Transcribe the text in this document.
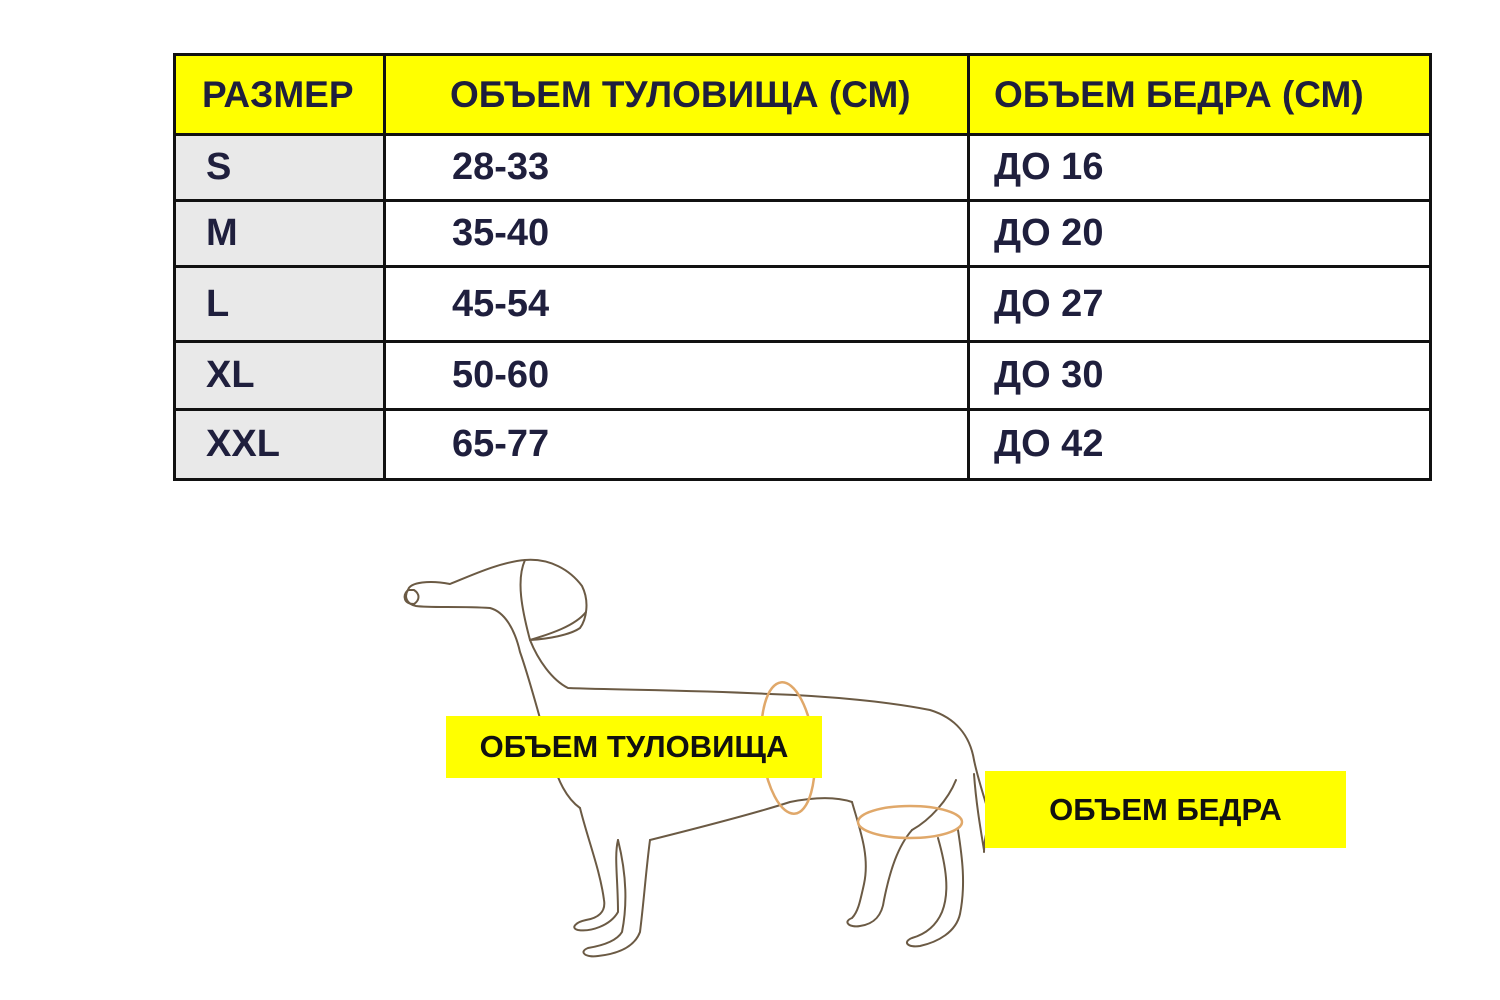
РАЗМЕР	ОБЪЕМ ТУЛОВИЩА (СМ)	ОБЪЕМ БЕДРА (СМ)
S	28-33	ДО 16
M	35-40	ДО 20
L	45-54	ДО 27
XL	50-60	ДО 30
XXL	65-77	ДО 42
ОБЪЕМ ТУЛОВИЩА
ОБЪЕМ БЕДРА
